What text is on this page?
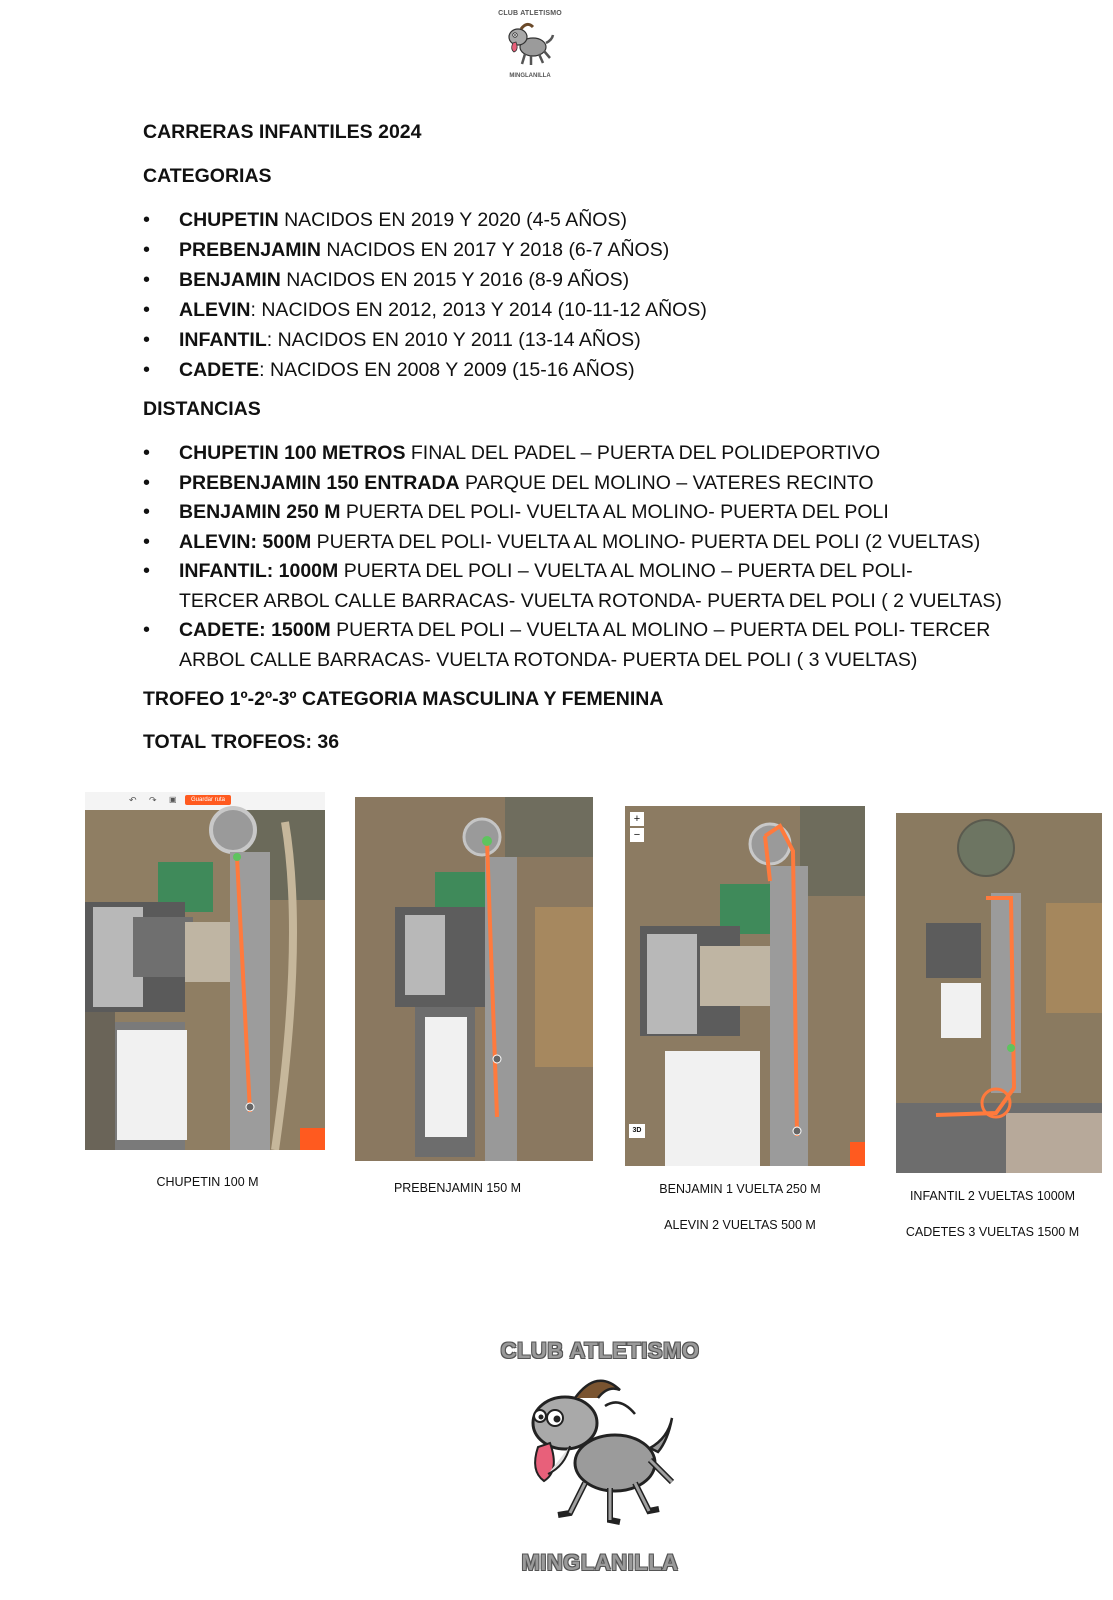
CLUB ATLETISMO
MINGLANILLA
CARRERAS INFANTILES 2024
CATEGORIAS
• CHUPETIN NACIDOS EN 2019 Y 2020 (4-5 AÑOS)
• PREBENJAMIN NACIDOS EN 2017 Y 2018 (6-7 AÑOS)
• BENJAMIN NACIDOS EN 2015 Y 2016 (8-9 AÑOS)
• ALEVIN: NACIDOS EN 2012, 2013 Y 2014 (10-11-12 AÑOS)
• INFANTIL: NACIDOS EN 2010 Y 2011 (13-14 AÑOS)
• CADETE: NACIDOS EN 2008 Y 2009 (15-16 AÑOS)
DISTANCIAS
• CHUPETIN 100 METROS FINAL DEL PADEL – PUERTA DEL POLIDEPORTIVO
• PREBENJAMIN 150 ENTRADA PARQUE DEL MOLINO – VATERES RECINTO
• BENJAMIN 250 M PUERTA DEL POLI- VUELTA AL MOLINO- PUERTA DEL POLI
• ALEVIN: 500M PUERTA DEL POLI- VUELTA AL MOLINO- PUERTA DEL POLI (2 VUELTAS)
• INFANTIL: 1000M PUERTA DEL POLI – VUELTA AL MOLINO – PUERTA DEL POLI-
TERCER ARBOL CALLE BARRACAS- VUELTA ROTONDA- PUERTA DEL POLI ( 2 VUELTAS)
• CADETE: 1500M PUERTA DEL POLI – VUELTA AL MOLINO – PUERTA DEL POLI- TERCER
ARBOL CALLE BARRACAS- VUELTA ROTONDA- PUERTA DEL POLI ( 3 VUELTAS)
TROFEO 1º-2º-3º CATEGORIA MASCULINA Y FEMENINA
TOTAL TROFEOS: 36
Guardar ruta
↶ ↷ ▣
+
−
3D
CHUPETIN 100 M	PREBENJAMIN 150 M	BENJAMIN 1 VUELTA 250 M
ALEVIN 2 VUELTAS 500 M
INFANTIL 2 VUELTAS 1000M
CADETES 3 VUELTAS 1500 M
CLUB ATLETISMO
MINGLANILLA
